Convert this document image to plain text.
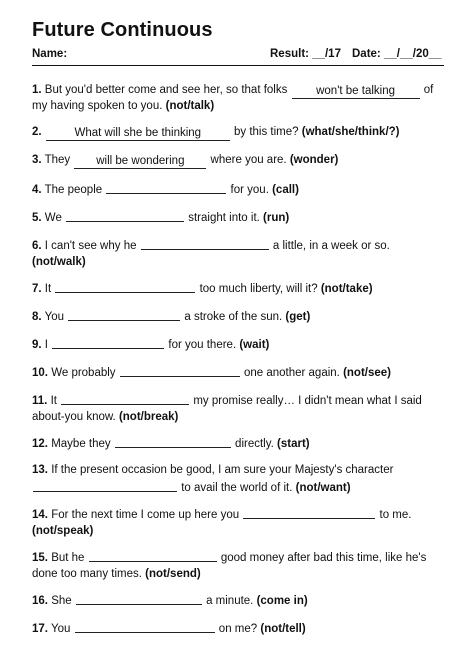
Future Continuous
Name:	Result: __/17 Date: __/__/20__
1. But you'd better come and see her, so that folks won't be talking of my having spoken to you. (not/talk)
2.	What will she be thinking	by this time? (what/she/think/?)
3. They will be wondering where you are. (wonder)
4. The people	for you. (call)
5. We	straight into it. (run)
6. I can't see why he	a little, in a week or so. (not/walk)
7. It	too much liberty, will it? (not/take)
8. You	a stroke of the sun. (get)
9. I	for you there. (wait)
10. We probably	one another again. (not/see)
11. It	my promise really… I didn't mean what I said about-you know. (not/break)
12. Maybe they	directly. (start)
13. If the present occasion be good, I am sure your Majesty's character  to avail the world of it. (not/want)
14. For the next time I come up here you	to me. (not/speak)
15. But he	good money after bad this time, like he's done too many times. (not/send)
16. She	a minute. (come in)
17. You	on me? (not/tell)
